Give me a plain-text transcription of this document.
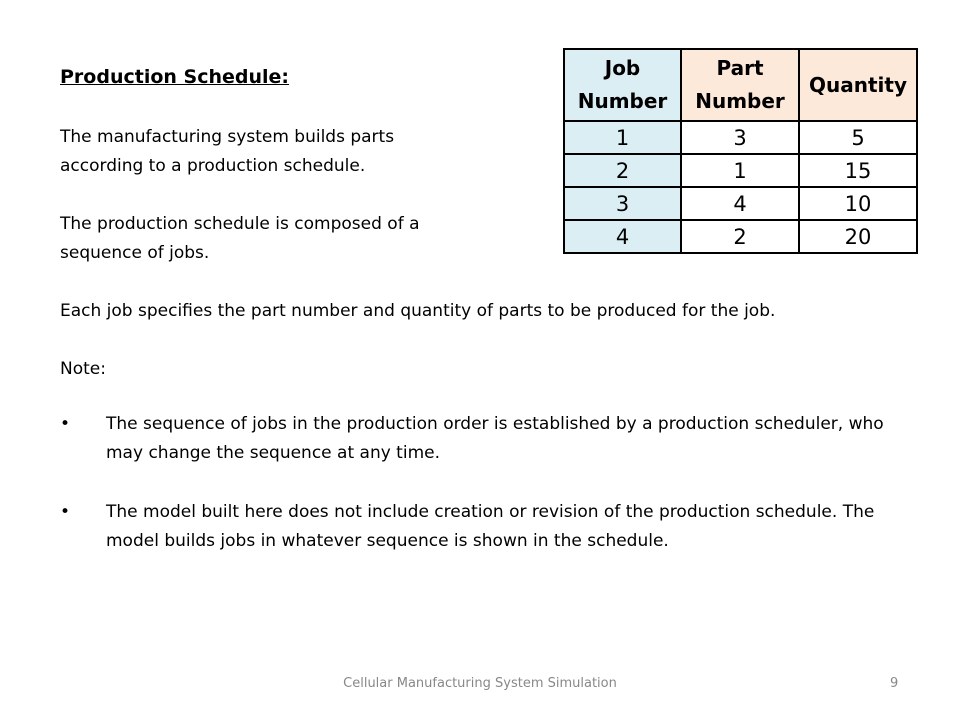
Production Schedule:
The manufacturing system builds parts according to a production schedule.
The production schedule is composed of a sequence of jobs.
Each job specifies the part number and quantity of parts to be produced for the job.
Note:
• The sequence of jobs in the production order is established by a production scheduler, who may change the sequence at any time.
• The model built here does not include creation or revision of the production schedule. The model builds jobs in whatever sequence is shown in the schedule.
Job Number	Part Number	Quantity
1	3	5
2	1	15
3	4	10
4	2	20
Cellular Manufacturing System Simulation	9
